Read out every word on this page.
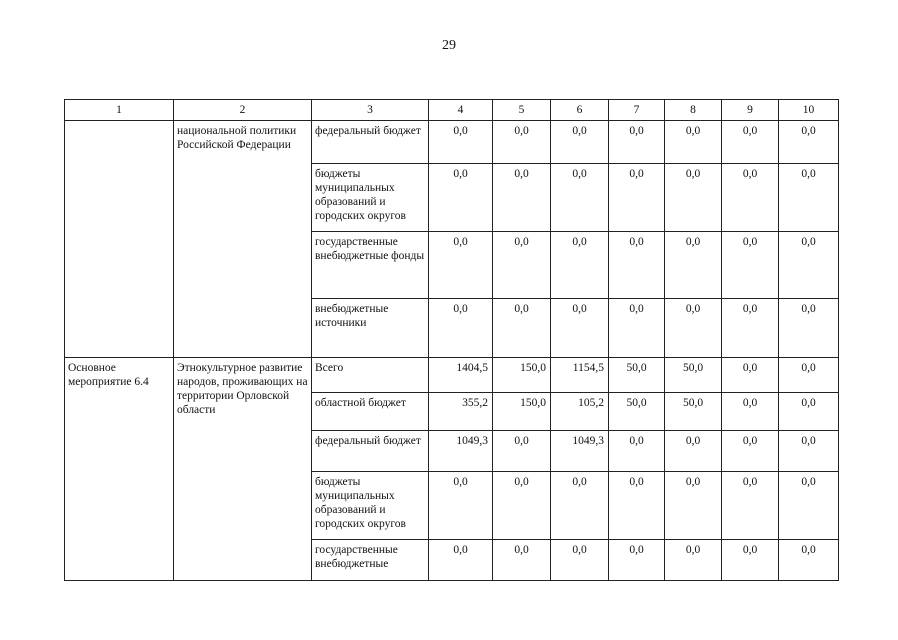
29
1	2	3	4	5	6	7	8	9	10
	национальной политики Российской Федерации	федеральный бюджет	0,0	0,0	0,0	0,0	0,0	0,0	0,0
		бюджеты муниципальных образований и городских округов	0,0	0,0	0,0	0,0	0,0	0,0	0,0
		государственные внебюджетные фонды	0,0	0,0	0,0	0,0	0,0	0,0	0,0
		внебюджетные источники	0,0	0,0	0,0	0,0	0,0	0,0	0,0
Основное мероприятие 6.4	Этнокультурное развитие народов, проживающих на территории Орловской области	Всего	1404,5	150,0	1154,5	50,0	50,0	0,0	0,0
		областной бюджет	355,2	150,0	105,2	50,0	50,0	0,0	0,0
		федеральный бюджет	1049,3	0,0	1049,3	0,0	0,0	0,0	0,0
		бюджеты муниципальных образований и городских округов	0,0	0,0	0,0	0,0	0,0	0,0	0,0
		государственные внебюджетные	0,0	0,0	0,0	0,0	0,0	0,0	0,0
